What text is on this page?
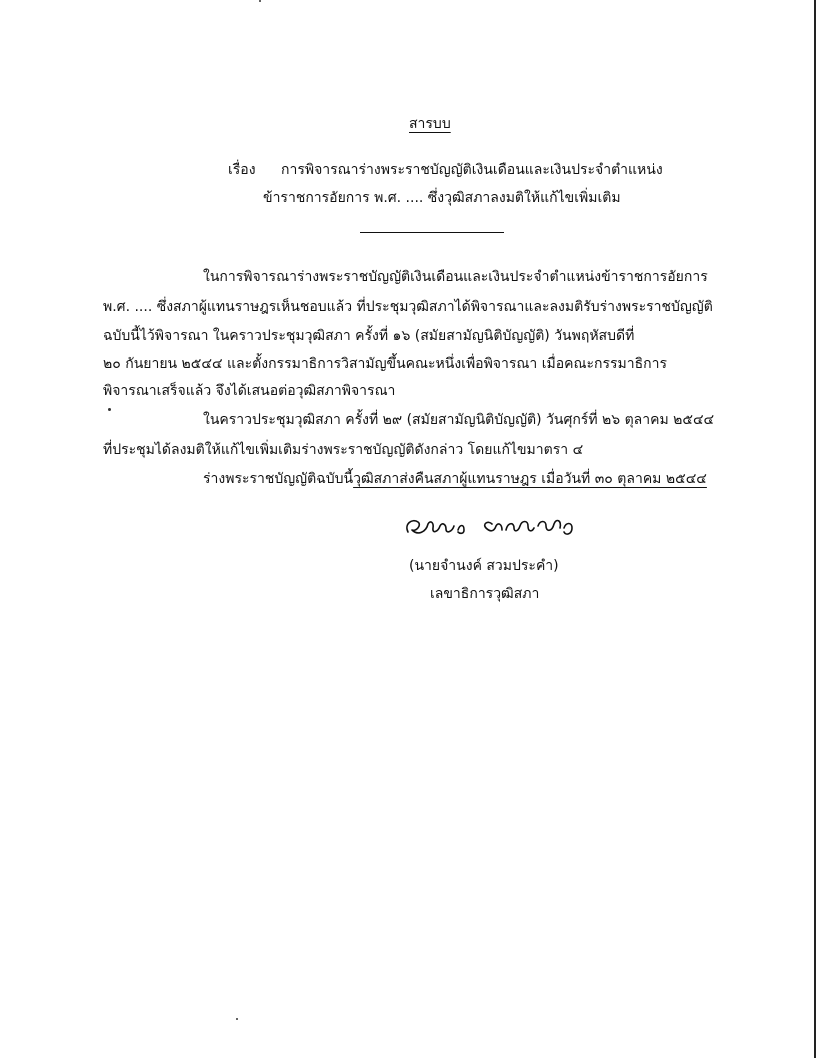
สารบบ
เรื่อง การพิจารณาร่างพระราชบัญญัติเงินเดือนและเงินประจำตำแหน่ง
ข้าราชการอัยการ พ.ศ. .... ซึ่งวุฒิสภาลงมติให้แก้ไขเพิ่มเติม
ในการพิจารณาร่างพระราชบัญญัติเงินเดือนและเงินประจำตำแหน่งข้าราชการอัยการ
พ.ศ. .... ซึ่งสภาผู้แทนราษฎรเห็นชอบแล้ว ที่ประชุมวุฒิสภาได้พิจารณาและลงมติรับร่างพระราชบัญญัติ
ฉบับนี้ไว้พิจารณา ในคราวประชุมวุฒิสภา ครั้งที่ ๑๖ (สมัยสามัญนิติบัญญัติ) วันพฤหัสบดีที่
๒๐ กันยายน ๒๕๔๔ และตั้งกรรมาธิการวิสามัญขึ้นคณะหนึ่งเพื่อพิจารณา เมื่อคณะกรรมาธิการ
พิจารณาเสร็จแล้ว จึงได้เสนอต่อวุฒิสภาพิจารณา
ในคราวประชุมวุฒิสภา ครั้งที่ ๒๙ (สมัยสามัญนิติบัญญัติ) วันศุกร์ที่ ๒๖ ตุลาคม ๒๕๔๔
ที่ประชุมได้ลงมติให้แก้ไขเพิ่มเติมร่างพระราชบัญญัติดังกล่าว โดยแก้ไขมาตรา ๔
ร่างพระราชบัญญัติฉบับนี้วุฒิสภาส่งคืนสภาผู้แทนราษฎร เมื่อวันที่ ๓๐ ตุลาคม ๒๕๔๔
(นายจำนงค์ สวมประคำ)
เลขาธิการวุฒิสภา
